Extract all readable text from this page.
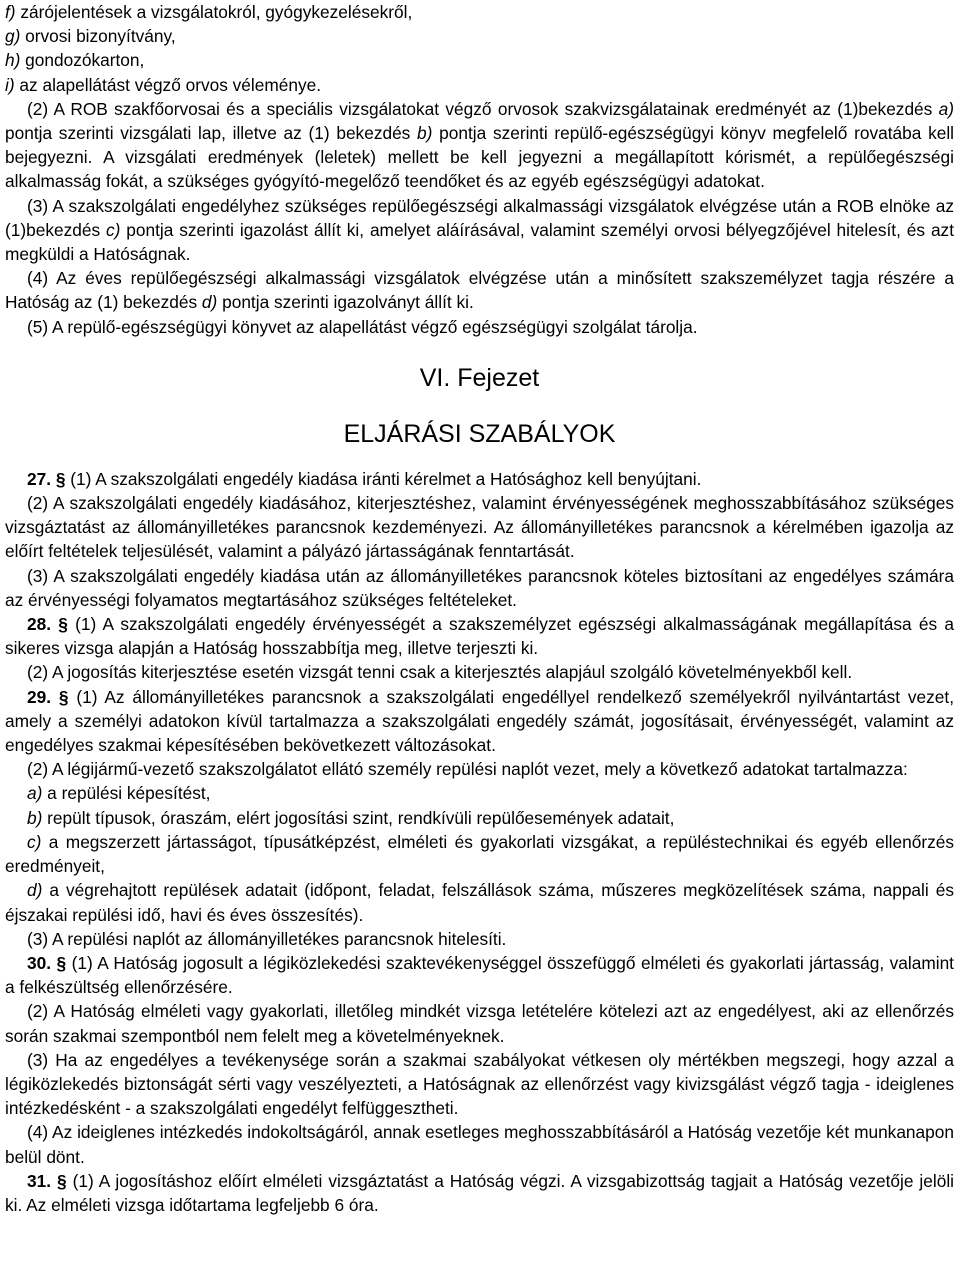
f) zárójelentések a vizsgálatokról, gyógykezelésekről,

g) orvosi bizonyítvány,

h) gondozókarton,

i) az alapellátást végző orvos véleménye.

(2) A ROB szakfőorvosai és a speciális vizsgálatokat végző orvosok szakvizsgálatainak eredményét az (1)bekezdés a) pontja szerinti vizsgálati lap, illetve az (1) bekezdés b) pontja szerinti repülő-egészségügyi könyv megfelelő rovatába kell bejegyezni. A vizsgálati eredmények (leletek) mellett be kell jegyezni a megállapított kórismét, a repülőegészségi alkalmasság fokát, a szükséges gyógyító-megelőző teendőket és az egyéb egészségügyi adatokat.

(3) A szakszolgálati engedélyhez szükséges repülőegészségi alkalmassági vizsgálatok elvégzése után a ROB elnöke az (1)bekezdés c) pontja szerinti igazolást állít ki, amelyet aláírásával, valamint személyi orvosi bélyegzőjével hitelesít, és azt megküldi a Hatóságnak.

(4) Az éves repülőegészségi alkalmassági vizsgálatok elvégzése után a minősített szakszemélyzet tagja részére a Hatóság az (1) bekezdés d) pontja szerinti igazolványt állít ki.

(5) A repülő-egészségügyi könyvet az alapellátást végző egészségügyi szolgálat tárolja.

VI. Fejezet
ELJÁRÁSI SZABÁLYOK

27. § (1) A szakszolgálati engedély kiadása iránti kérelmet a Hatósághoz kell benyújtani.

(2) A szakszolgálati engedély kiadásához, kiterjesztéshez, valamint érvényességének meghosszabbításához szükséges vizsgáztatást az állományilletékes parancsnok kezdeményezi. Az állományilletékes parancsnok a kérelmében igazolja az előírt feltételek teljesülését, valamint a pályázó jártasságának fenntartását.

(3) A szakszolgálati engedély kiadása után az állományilletékes parancsnok köteles biztosítani az engedélyes számára az érvényességi folyamatos megtartásához szükséges feltételeket.

28. § (1) A szakszolgálati engedély érvényességét a szakszemélyzet egészségi alkalmasságának megállapítása és a sikeres vizsga alapján a Hatóság hosszabbítja meg, illetve terjeszti ki.

(2) A jogosítás kiterjesztése esetén vizsgát tenni csak a kiterjesztés alapjául szolgáló követelményekből kell.

29. § (1) Az állományilletékes parancsnok a szakszolgálati engedéllyel rendelkező személyekről nyilvántartást vezet, amely a személyi adatokon kívül tartalmazza a szakszolgálati engedély számát, jogosításait, érvényességét, valamint az engedélyes szakmai képesítésében bekövetkezett változásokat.

(2) A légijármű-vezető szakszolgálatot ellátó személy repülési naplót vezet, mely a következő adatokat tartalmazza:

a) a repülési képesítést,

b) repült típusok, óraszám, elért jogosítási szint, rendkívüli repülőesemények adatait,

c) a megszerzett jártasságot, típusátképzést, elméleti és gyakorlati vizsgákat, a repüléstechnikai és egyéb ellenőrzés eredményeit,

d) a végrehajtott repülések adatait (időpont, feladat, felszállások száma, műszeres megközelítések száma, nappali és éjszakai repülési idő, havi és éves összesítés).

(3) A repülési naplót az állományilletékes parancsnok hitelesíti.

30. § (1) A Hatóság jogosult a légiközlekedési szaktevékenységgel összefüggő elméleti és gyakorlati jártasság, valamint a felkészültség ellenőrzésére.

(2) A Hatóság elméleti vagy gyakorlati, illetőleg mindkét vizsga letételére kötelezi azt az engedélyest, aki az ellenőrzés során szakmai szempontból nem felelt meg a követelményeknek.

(3) Ha az engedélyes a tevékenysége során a szakmai szabályokat vétkesen oly mértékben megszegi, hogy azzal a légiközlekedés biztonságát sérti vagy veszélyezteti, a Hatóságnak az ellenőrzést vagy kivizsgálást végző tagja - ideiglenes intézkedésként - a szakszolgálati engedélyt felfüggesztheti.

(4) Az ideiglenes intézkedés indokoltságáról, annak esetleges meghosszabbításáról a Hatóság vezetője két munkanapon belül dönt.

31. § (1) A jogosításhoz előírt elméleti vizsgáztatást a Hatóság végzi. A vizsgabizottság tagjait a Hatóság vezetője jelöli ki. Az elméleti vizsga időtartama legfeljebb 6 óra.
